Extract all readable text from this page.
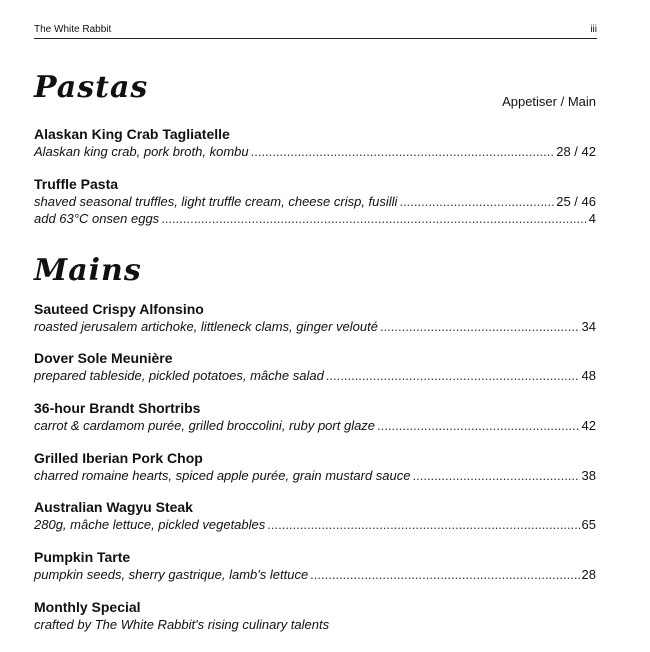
The White Rabbit	iii
Pastas	Appetiser / Main
Alaskan King Crab Tagliatelle
Alaskan king crab, pork broth, kombu .....	28 / 42
Truffle Pasta
shaved seasonal truffles, light truffle cream, cheese crisp, fusilli .....	25 / 46
add 63°C onsen eggs .....	4
Mains
Sauteed Crispy Alfonsino
roasted jerusalem artichoke, littleneck clams, ginger velouté .....	34
Dover Sole Meunière
prepared tableside, pickled potatoes, mâche salad .....	48
36-hour Brandt Shortribs
carrot & cardamom purée, grilled broccolini, ruby port glaze .....	42
Grilled Iberian Pork Chop
charred romaine hearts, spiced apple purée, grain mustard sauce .....	38
Australian Wagyu Steak
280g, mâche lettuce, pickled vegetables .....	65
Pumpkin Tarte
pumpkin seeds, sherry gastrique, lamb's lettuce .....	28
Monthly Special
crafted by The White Rabbit's rising culinary talents
